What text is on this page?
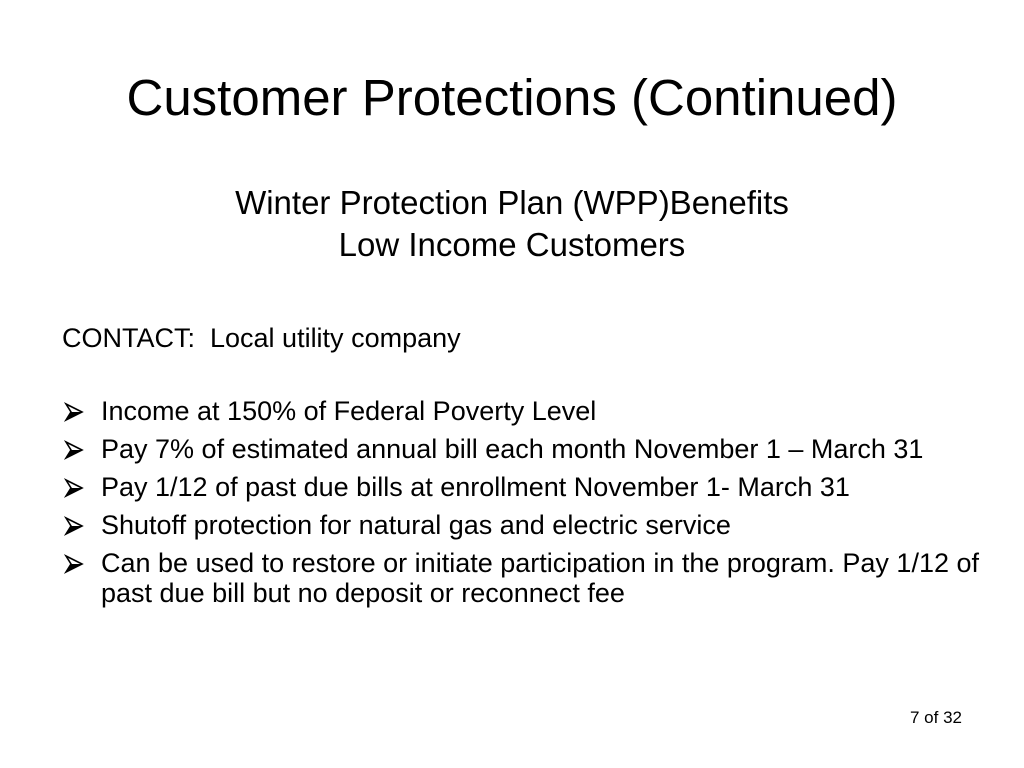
Customer Protections (Continued)
Winter Protection Plan (WPP)Benefits
Low Income Customers

CONTACT:  Local utility company

Income at 150% of Federal Poverty Level
Pay 7% of estimated annual bill each month November 1 – March 31
Pay 1/12 of past due bills at enrollment November 1- March 31
Shutoff protection for natural gas and electric service
Can be used to restore or initiate participation in the program. Pay 1/12 of past due bill but no deposit or reconnect fee

7 of 32
